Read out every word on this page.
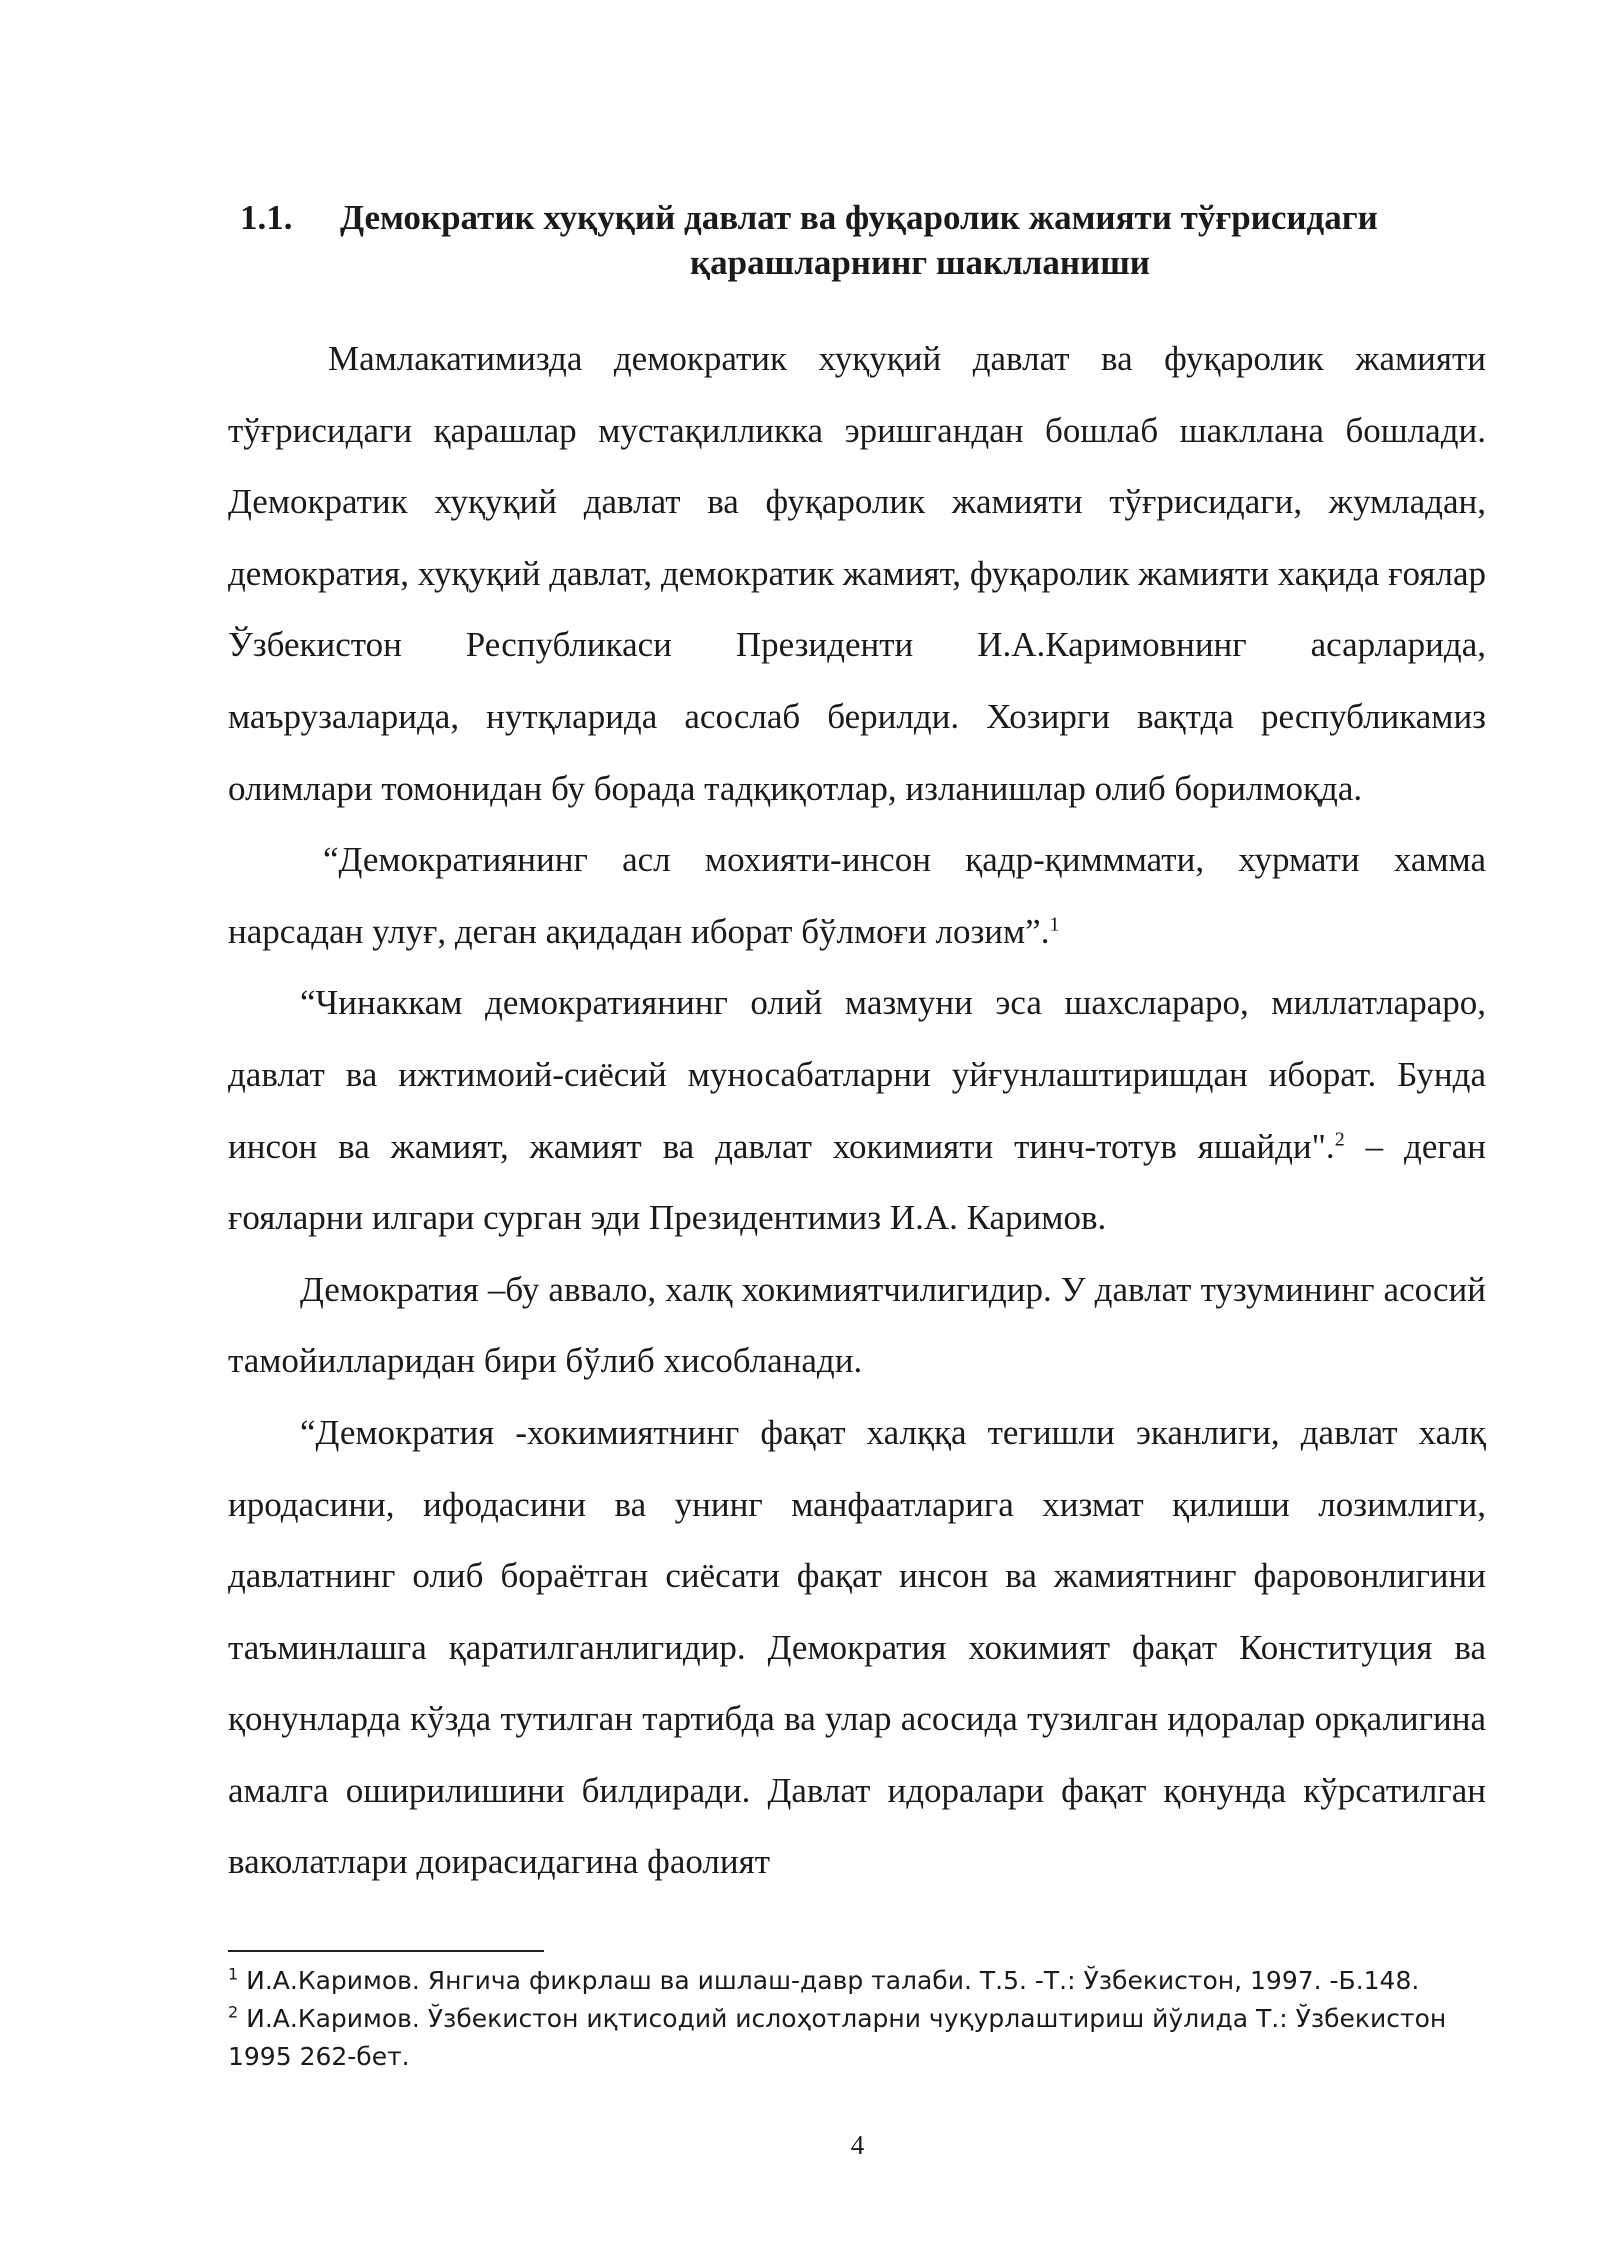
1.1.	Демократик хуқуқий давлат ва фуқаролик жамияти тўғрисидаги
қарашларнинг шаклланиши

Мамлакатимизда демократик хуқуқий давлат ва фуқаролик жамияти тўғрисидаги қарашлар мустақилликка эришгандан бошлаб шакллана бошлади. Демократик хуқуқий давлат ва фуқаролик жамияти тўғрисидаги, жумладан, демократия, хуқуқий давлат, демократик жамият, фуқаролик жамияти хақида ғоялар Ўзбекистон Республикаси Президенти И.А.Каримовнинг асарларида, маърузаларида, нутқларида асослаб берилди. Хозирги вақтда республикамиз олимлари томонидан бу борада тадқиқотлар, изланишлар олиб борилмоқда.

“Демократиянинг асл мохияти-инсон қадр-қимммати, хурмати хамма нарсадан улуғ, деган ақидадан иборат бўлмоғи лозим”.$^1$

“Чинаккам демократиянинг олий мазмуни эса шахсларaро, миллатлараро, давлат ва ижтимоий-сиёсий муносабатларни уйғунлаштиришдан иборат. Бунда инсон ва жамият, жамият ва давлат хокимияти тинч-тотув яшайди".$^2$ – деган ғояларни илгари сурган эди Президентимиз И.А. Каримов.

Демократия –бу аввало, халқ хокимиятчилигидир. У давлат тузумининг асосий тамойилларидан бири бўлиб хисобланади.

“Демократия -хокимиятнинг фақат халққа тегишли эканлиги, давлат халқ иродасини, ифодасини ва унинг манфаатларига хизмат қилиши лозимлиги, давлатнинг олиб бораётган сиёсати фақат инсон ва жамиятнинг фаровонлигини таъминлашга қаратилганлигидир. Демократия хокимият фақат Конституция ва қонунларда кўзда тутилган тартибда ва улар асосида тузилган идоралар орқалигина амалга оширилишини билдиради. Давлат идоралари фақат қонунда кўрсатилган ваколатлари доирасидагина фаолият

$^1$ И.А.Каримов. Янгича фикрлаш ва ишлаш-давр талаби. Т.5. -Т.: Ўзбекистон, 1997. -Б.148.
$^2$ И.А.Каримов. Ўзбекистон иқтисодий ислоҳотларни чуқурлаштириш йўлида Т.: Ўзбекистон 1995 262-бет.
4
